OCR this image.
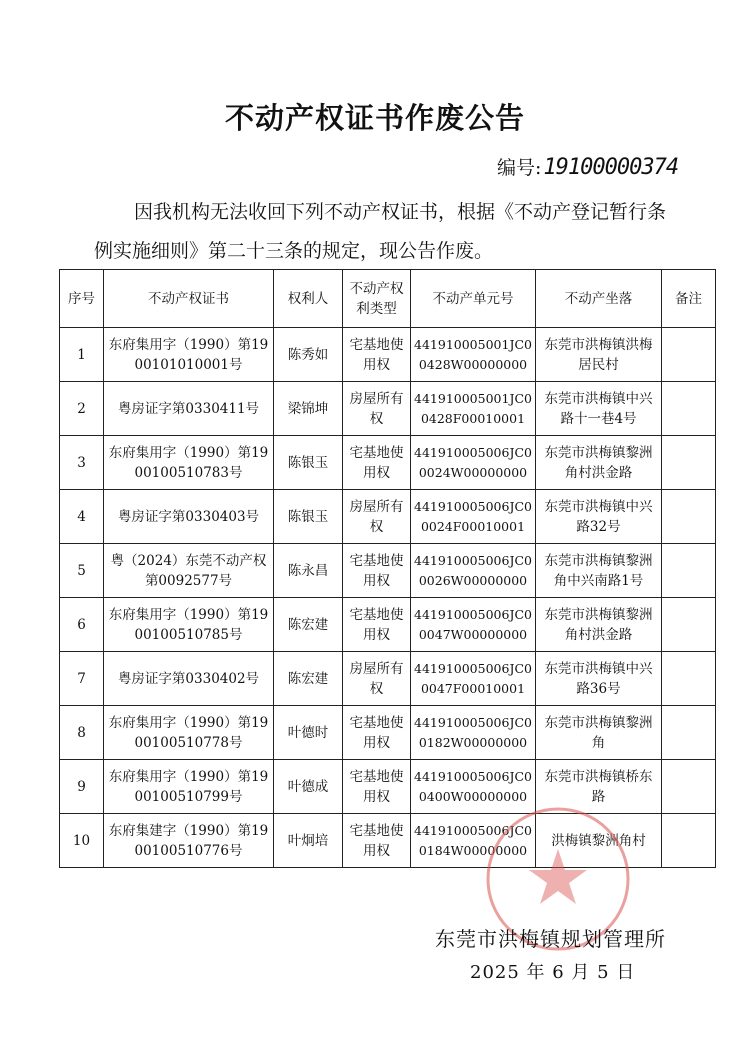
不动产权证书作废公告
编号: 19100000374
因我机构无法收回下列不动产权证书，根据《不动产登记暂行条例实施细则》第二十三条的规定，现公告作废。
序号	不动产权证书	权利人	不动产权利类型	不动产单元号	不动产坐落	备注
1	东府集用字（1990）第1900101010001号	陈秀如	宅基地使用权	441910005001JC00428W00000000	东莞市洪梅镇洪梅居民村	
2	粤房证字第0330411号	梁锦坤	房屋所有权	441910005001JC00428F00010001	东莞市洪梅镇中兴路十一巷4号	
3	东府集用字（1990）第1900100510783号	陈银玉	宅基地使用权	441910005006JC00024W00000000	东莞市洪梅镇黎洲角村洪金路	
4	粤房证字第0330403号	陈银玉	房屋所有权	441910005006JC00024F00010001	东莞市洪梅镇中兴路32号	
5	粤（2024）东莞不动产权第0092577号	陈永昌	宅基地使用权	441910005006JC00026W00000000	东莞市洪梅镇黎洲角中兴南路1号	
6	东府集用字（1990）第1900100510785号	陈宏建	宅基地使用权	441910005006JC00047W00000000	东莞市洪梅镇黎洲角村洪金路	
7	粤房证字第0330402号	陈宏建	房屋所有权	441910005006JC00047F00010001	东莞市洪梅镇中兴路36号	
8	东府集用字（1990）第1900100510778号	叶德时	宅基地使用权	441910005006JC00182W00000000	东莞市洪梅镇黎洲角	
9	东府集用字（1990）第1900100510799号	叶德成	宅基地使用权	441910005006JC00400W00000000	东莞市洪梅镇桥东路	
10	东府集建字（1990）第1900100510776号	叶炯培	宅基地使用权	441910005006JC00184W00000000	洪梅镇黎洲角村	
东莞市洪梅镇规划管理所
2025 年 6 月 5 日
